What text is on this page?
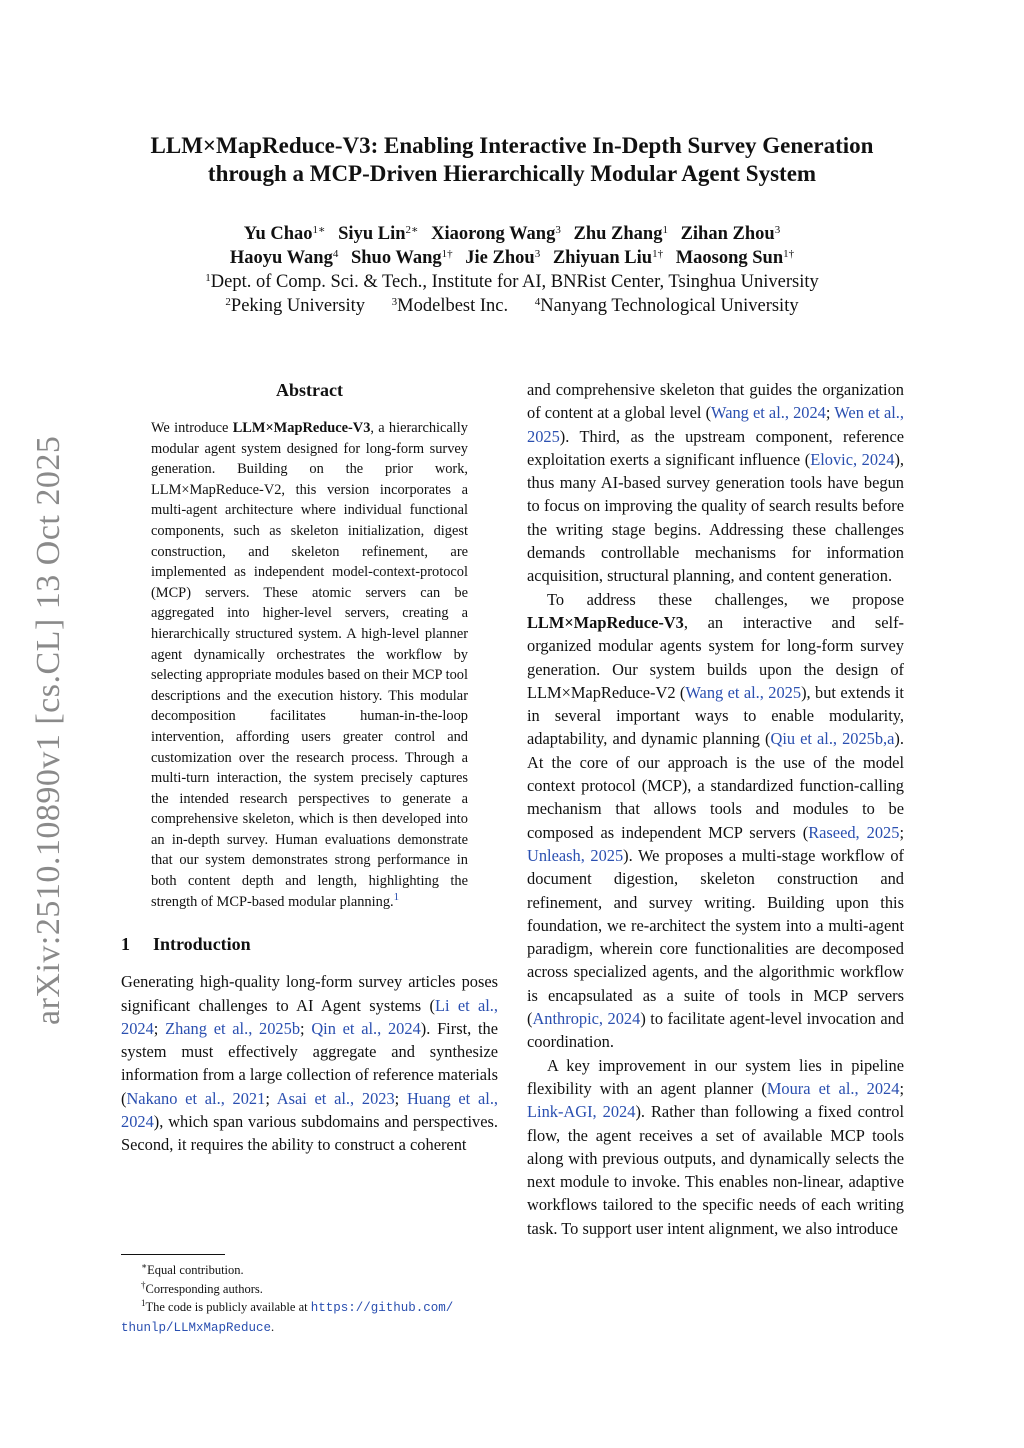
arXiv:2510.10890v1 [cs.CL] 13 Oct 2025
LLM×MapReduce-V3: Enabling Interactive In-Depth Survey Generation
through a MCP-Driven Hierarchically Modular Agent System
Yu Chao$^{1∗}$ Siyu Lin$^{2∗}$ Xiaorong Wang$^3$ Zhu Zhang$^1$ Zihan Zhou$^3$
Haoyu Wang$^4$ Shuo Wang$^{1\dagger}$ Jie Zhou$^3$ Zhiyuan Liu$^{1\dagger}$ Maosong Sun$^{1\dagger}$
$^1$Dept. of Comp. Sci. & Tech., Institute for AI, BNRist Center, Tsinghua University
$^2$Peking University $^3$Modelbest Inc. $^4$Nanyang Technological University
Abstract

We introduce LLM×MapReduce-V3, a hierarchically modular agent system designed for long-form survey generation. Building on the prior work, LLM×MapReduce-V2, this version incorporates a multi-agent architecture where individual functional components, such as skeleton initialization, digest construction, and skeleton refinement, are implemented as independent model-context-protocol (MCP) servers. These atomic servers can be aggregated into higher-level servers, creating a hierarchically structured system. A high-level planner agent dynamically orchestrates the workflow by selecting appropriate modules based on their MCP tool descriptions and the execution history. This modular decomposition facilitates human-in-the-loop intervention, affording users greater control and customization over the research process. Through a multi-turn interaction, the system precisely captures the intended research perspectives to generate a comprehensive skeleton, which is then developed into an in-depth survey. Human evaluations demonstrate that our system demonstrates strong performance in both content depth and length, highlighting the strength of MCP-based modular planning.$^1$

1	Introduction

Generating high-quality long-form survey articles poses significant challenges to AI Agent systems (Li et al., 2024; Zhang et al., 2025b; Qin et al., 2024). First, the system must effectively aggregate and synthesize information from a large collection of reference materials (Nakano et al., 2021; Asai et al., 2023; Huang et al., 2024), which span various subdomains and perspectives. Second, it requires the ability to construct a coherent

and comprehensive skeleton that guides the organization of content at a global level (Wang et al., 2024; Wen et al., 2025). Third, as the upstream component, reference exploitation exerts a significant influence (Elovic, 2024), thus many AI-based survey generation tools have begun to focus on improving the quality of search results before the writing stage begins. Addressing these challenges demands controllable mechanisms for information acquisition, structural planning, and content generation.

To address these challenges, we propose LLM×MapReduce-V3, an interactive and self-organized modular agents system for long-form survey generation. Our system builds upon the design of LLM×MapReduce-V2 (Wang et al., 2025), but extends it in several important ways to enable modularity, adaptability, and dynamic planning (Qiu et al., 2025b,a). At the core of our approach is the use of the model context protocol (MCP), a standardized function-calling mechanism that allows tools and modules to be composed as independent MCP servers (Raseed, 2025; Unleash, 2025). We proposes a multi-stage workflow of document digestion, skeleton construction and refinement, and survey writing. Building upon this foundation, we re-architect the system into a multi-agent paradigm, wherein core functionalities are decomposed across specialized agents, and the algorithmic workflow is encapsulated as a suite of tools in MCP servers (Anthropic, 2024) to facilitate agent-level invocation and coordination.

A key improvement in our system lies in pipeline flexibility with an agent planner (Moura et al., 2024; Link-AGI, 2024). Rather than following a fixed control flow, the agent receives a set of available MCP tools along with previous outputs, and dynamically selects the next module to invoke. This enables non-linear, adaptive workflows tailored to the specific needs of each writing task. To support user intent alignment, we also introduce

∗Equal contribution.
†Corresponding authors.
$^1$The code is publicly available at https://github.com/
thunlp/LLMxMapReduce.
